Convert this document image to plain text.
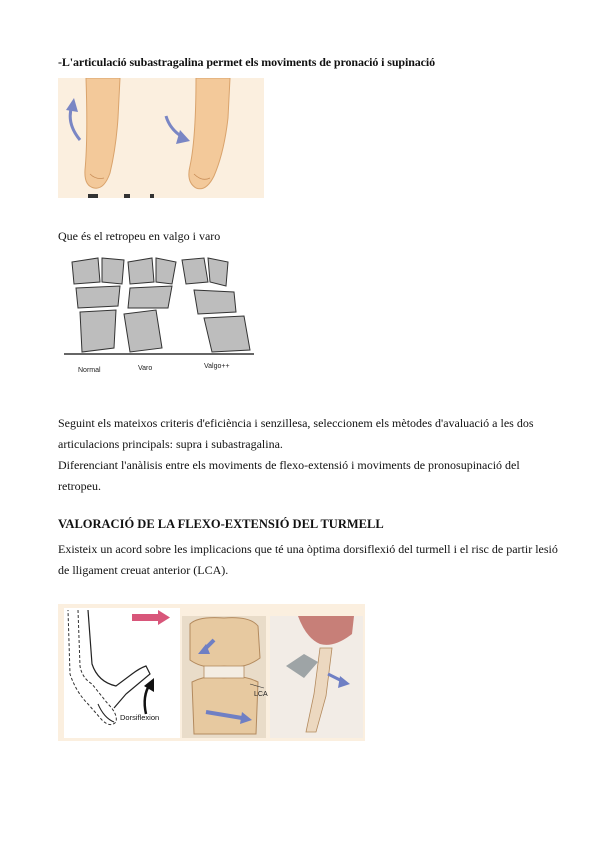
-L'articulació subastragalina permet els moviments de pronació i supinació
Que és el retropeu en valgo i varo
Normal	Varo	Valgo++
Seguint els mateixos criteris d'eficiència i senzillesa, seleccionem els mètodes d'avaluació a les dos articulacions principals: supra i subastragalina.
Diferenciant l'anàlisis entre els moviments de flexo-extensió i moviments de pronosupinació del retropeu.
VALORACIÓ DE LA FLEXO-EXTENSIÓ DEL TURMELL
Existeix un acord sobre les implicacions que té una òptima dorsiflexió del turmell i el risc de partir lesió de lligament creuat anterior (LCA).
Dorsiflexion
LCA
